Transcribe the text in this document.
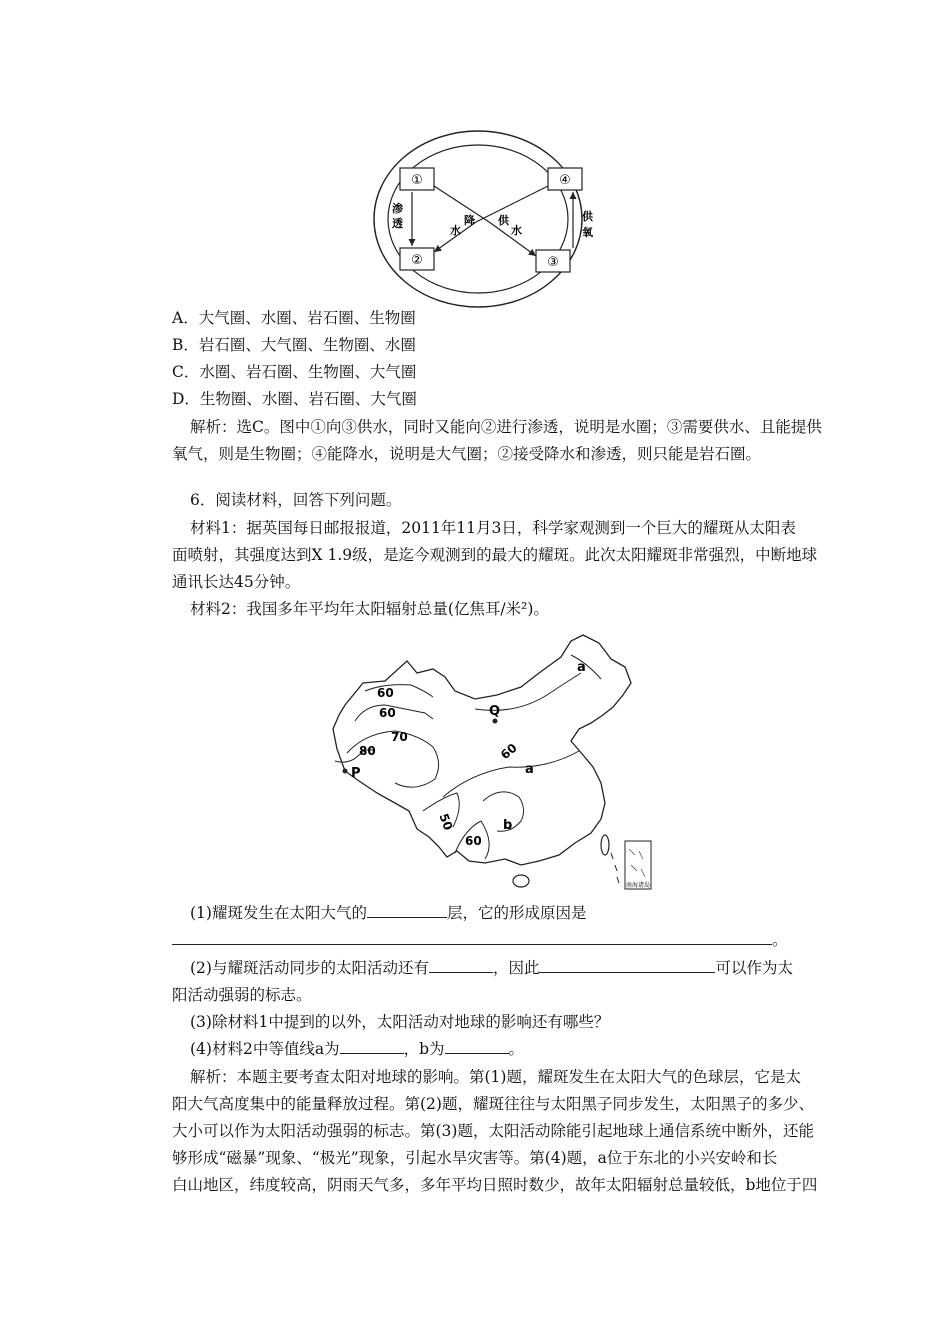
①	④
②	③
渗
透
供
氧
水
降 供
水
A．大气圈、水圈、岩石圈、生物圈
B．岩石圈、大气圈、生物圈、水圈
C．水圈、岩石圈、生物圈、大气圈
D．生物圈、水圈、岩石圈、大气圈
解析：选C。图中①向③供水，同时又能向②进行渗透，说明是水圈；③需要供水、且能提供
氧气，则是生物圈；④能降水，说明是大气圈；②接受降水和渗透，则只能是岩石圈。
6．阅读材料，回答下列问题。
材料1：据英国每日邮报报道，2011年11月3日，科学家观测到一个巨大的耀斑从太阳表
面喷射，其强度达到X 1.9级，是迄今观测到的最大的耀斑。此次太阳耀斑非常强烈，中断地球
通讯长达45分钟。
材料2：我国多年平均年太阳辐射总量(亿焦耳/米²)。
60
60
70
80	60
50
60
P
Q
a
a
b
南海诸岛
(1)耀斑发生在太阳大气的	层，它的形成原因是
。
(2)与耀斑活动同步的太阳活动还有	，因此	可以作为太
阳活动强弱的标志。
(3)除材料1中提到的以外，太阳活动对地球的影响还有哪些？
(4)材料2中等值线a为	，b为	。
解析：本题主要考查太阳对地球的影响。第(1)题，耀斑发生在太阳大气的色球层，它是太
阳大气高度集中的能量释放过程。第(2)题，耀斑往往与太阳黑子同步发生，太阳黑子的多少、
大小可以作为太阳活动强弱的标志。第(3)题，太阳活动除能引起地球上通信系统中断外，还能
够形成“磁暴”现象、“极光”现象，引起水旱灾害等。第(4)题，a位于东北的小兴安岭和长
白山地区，纬度较高，阴雨天气多，多年平均日照时数少，故年太阳辐射总量较低，b地位于四
